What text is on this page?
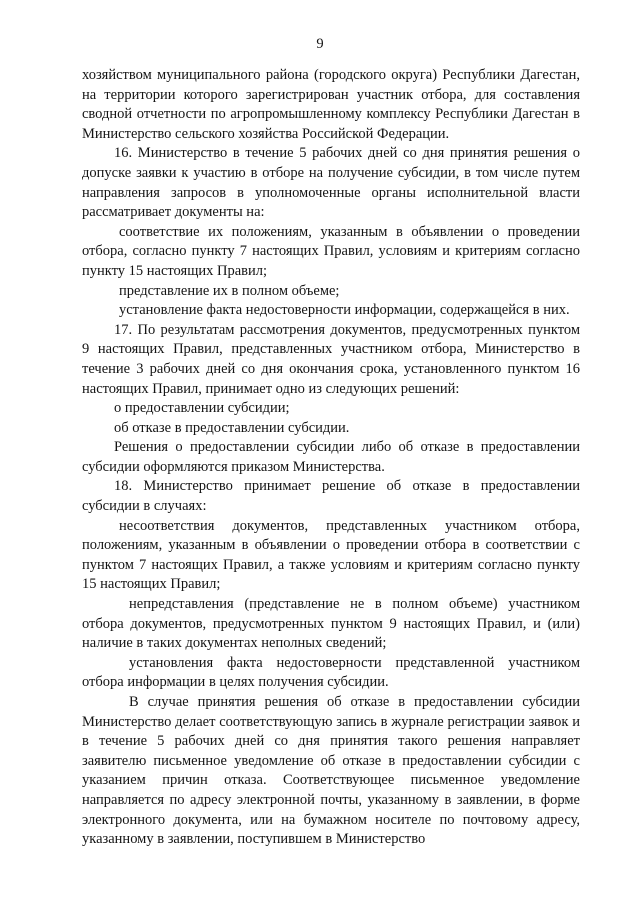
9

хозяйством муниципального района (городского округа) Республики Дагестан, на территории которого зарегистрирован участник отбора, для составления сводной отчетности по агропромышленному комплексу Республики Дагестан в Министерство сельского хозяйства Российской Федерации.

16. Министерство в течение 5 рабочих дней со дня принятия решения о допуске заявки к участию в отборе на получение субсидии, в том числе путем направления запросов в уполномоченные органы исполнительной власти рассматривает документы на:

соответствие их положениям, указанным в объявлении о проведении отбора, согласно пункту 7 настоящих Правил, условиям и критериям согласно пункту 15 настоящих Правил;

представление их в полном объеме;

установление факта недостоверности информации, содержащейся в них.

17. По результатам рассмотрения документов, предусмотренных пунктом 9 настоящих Правил, представленных участником отбора, Министерство в течение 3 рабочих дней со дня окончания срока, установленного пунктом 16 настоящих Правил, принимает одно из следующих решений:

о предоставлении субсидии;

об отказе в предоставлении субсидии.

Решения о предоставлении субсидии либо об отказе в предоставлении субсидии оформляются приказом Министерства.

18. Министерство принимает решение об отказе в предоставлении субсидии в случаях:

несоответствия документов, представленных участником отбора, положениям, указанным в объявлении о проведении отбора в соответствии с пунктом 7 настоящих Правил, а также условиям и критериям согласно пункту 15 настоящих Правил;

непредставления (представление не в полном объеме) участником отбора документов, предусмотренных пунктом 9 настоящих Правил, и (или) наличие в таких документах неполных сведений;

установления факта недостоверности представленной участником отбора информации в целях получения субсидии.

В случае принятия решения об отказе в предоставлении субсидии Министерство делает соответствующую запись в журнале регистрации заявок и в течение 5 рабочих дней со дня принятия такого решения направляет заявителю письменное уведомление об отказе в предоставлении субсидии с указанием причин отказа. Соответствующее письменное уведомление направляется по адресу электронной почты, указанному в заявлении, в форме электронного документа, или на бумажном носителе по почтовому адресу, указанному в заявлении, поступившем в Министерство
